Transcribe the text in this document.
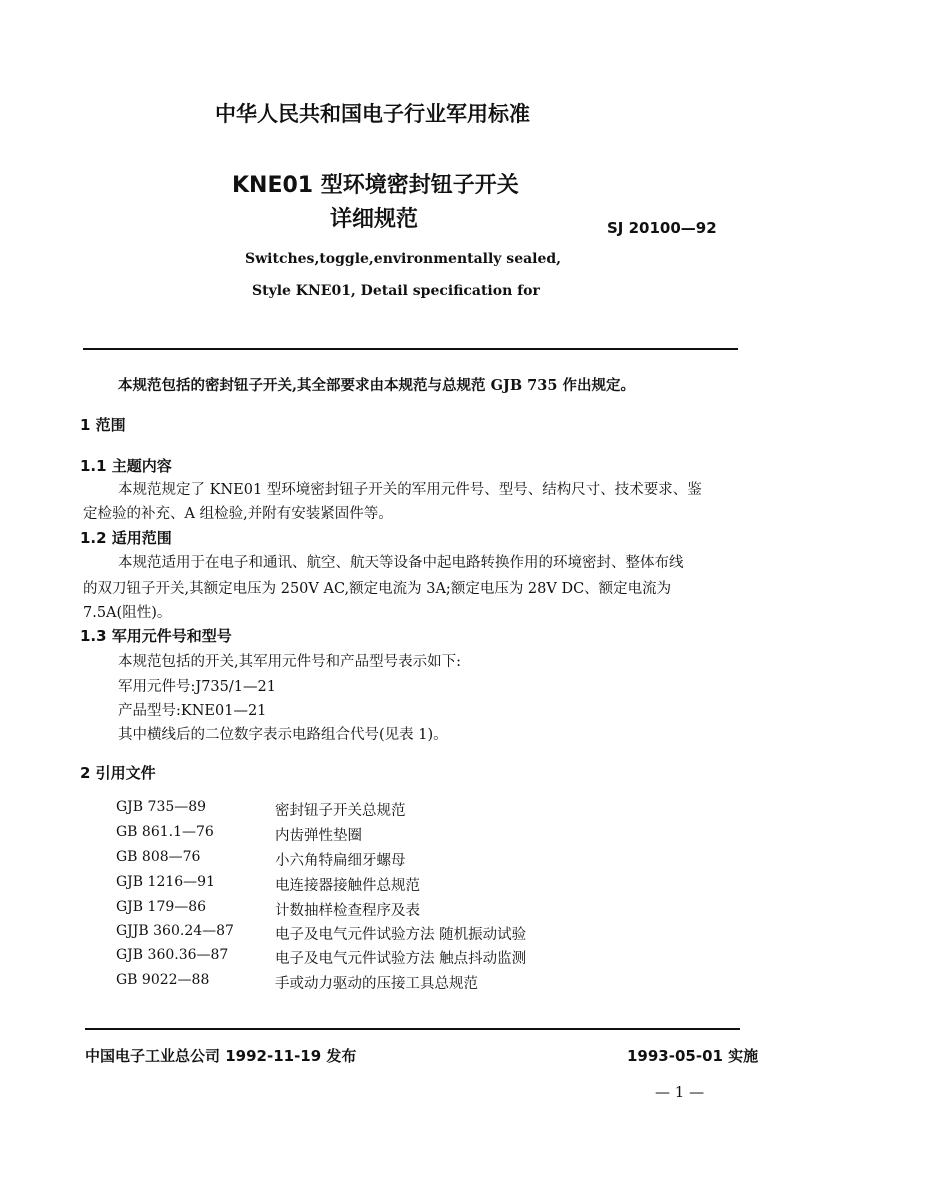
中华人民共和国电子行业军用标准
KNE01 型环境密封钮子开关
详细规范	SJ 20100—92
Switches,toggle,environmentally sealed,
Style KNE01, Detail specification for
本规范包括的密封钮子开关,其全部要求由本规范与总规范 GJB 735 作出规定。
1 范围
1.1 主题内容
本规范规定了 KNE01 型环境密封钮子开关的军用元件号、型号、结构尺寸、技术要求、鉴
定检验的补充、A 组检验,并附有安装紧固件等。
1.2 适用范围
本规范适用于在电子和通讯、航空、航天等设备中起电路转换作用的环境密封、整体布线
的双刀钮子开关,其额定电压为 250V AC,额定电流为 3A;额定电压为 28V DC、额定电流为
7.5A(阻性)。
1.3 军用元件号和型号
本规范包括的开关,其军用元件号和产品型号表示如下:
军用元件号:J735/1—21
产品型号:KNE01—21
其中横线后的二位数字表示电路组合代号(见表 1)。
2 引用文件
GJB 735—89	密封钮子开关总规范
GB 861.1—76	内齿弹性垫圈
GB 808—76	小六角特扁细牙螺母
GJB 1216—91	电连接器接触件总规范
GJB 179—86	计数抽样检查程序及表
GJJB 360.24—87	电子及电气元件试验方法 随机振动试验
GJB 360.36—87	电子及电气元件试验方法 触点抖动监测
GB 9022—88	手或动力驱动的压接工具总规范
中国电子工业总公司 1992-11-19 发布	1993-05-01 实施
— 1 —
